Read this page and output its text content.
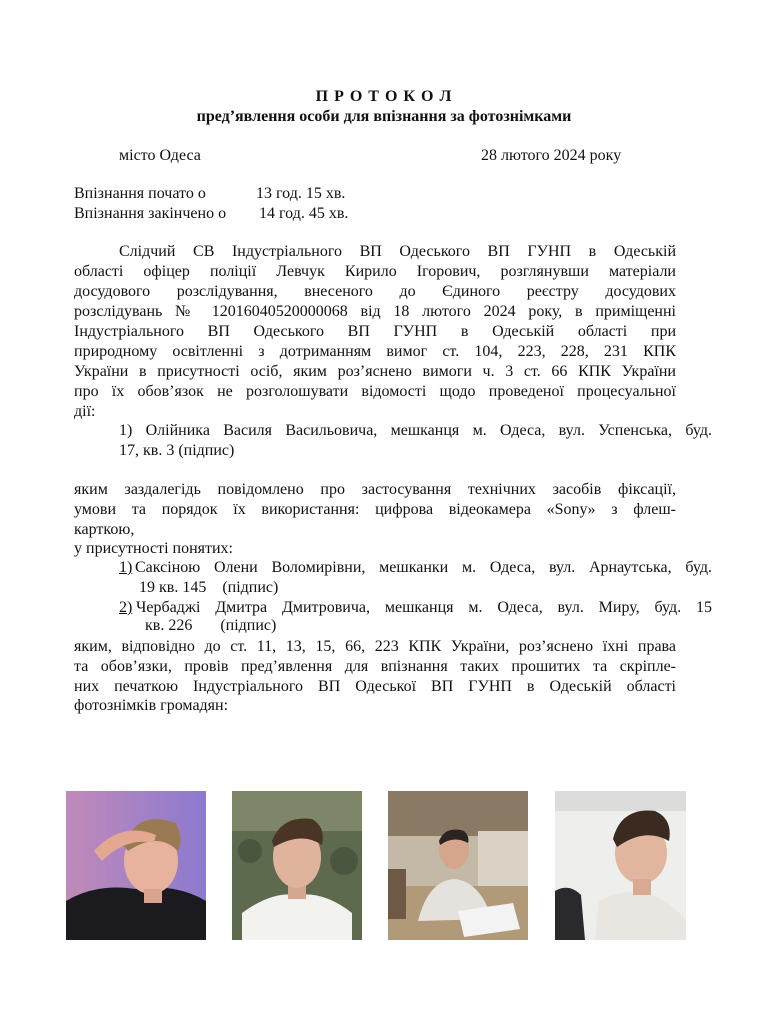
П Р О Т О К О Л
пред’явлення особи для впізнання за фотознімками
місто Одеса	28 лютого 2024 року
Впізнання почато о	13 год. 15 хв.
Впізнання закінчено о 14 год. 45 хв.
Слідчий СВ Індустріального ВП Одеського ВП ГУНП в Одеській
області офіцер поліції Левчук Кирило Ігорович, розглянувши матеріали
досудового розслідування, внесеного до Єдиного реєстру досудових
розслідувань № 12016040520000068 від 18 лютого 2024 року, в приміщенні
Індустріального ВП Одеського ВП ГУНП в Одеській області при
природному освітленні з дотриманням вимог ст. 104, 223, 228, 231 КПК
України в присутності осіб, яким роз’яснено вимоги ч. 3 ст. 66 КПК України
про їх обов’язок не розголошувати відомості щодо проведеної процесуальної
дії:
1) Олійника Василя Васильовича, мешканця м. Одеса, вул. Успенська, буд.
17, кв. 3 (підпис)
яким заздалегідь повідомлено про застосування технічних засобів фіксації,
умови та порядок їх використання: цифрова відеокамера «Sony» з флеш-
карткою,
у присутності понятих:
1) Саксіною Олени Воломирівни, мешканки м. Одеса, вул. Арнаутська, буд.
19 кв. 145    (підпис)
2) Чербаджі Дмитра Дмитровича, мешканця м. Одеса, вул. Миру, буд. 15
кв. 226       (підпис)
яким, відповідно до ст. 11, 13, 15, 66, 223 КПК України, роз’яснено їхні права
та обов’язки, провів пред’явлення для впізнання таких прошитих та скріпле-
них печаткою Індустріального ВП Одеської ВП ГУНП в Одеській області
фотознімків громадян:
